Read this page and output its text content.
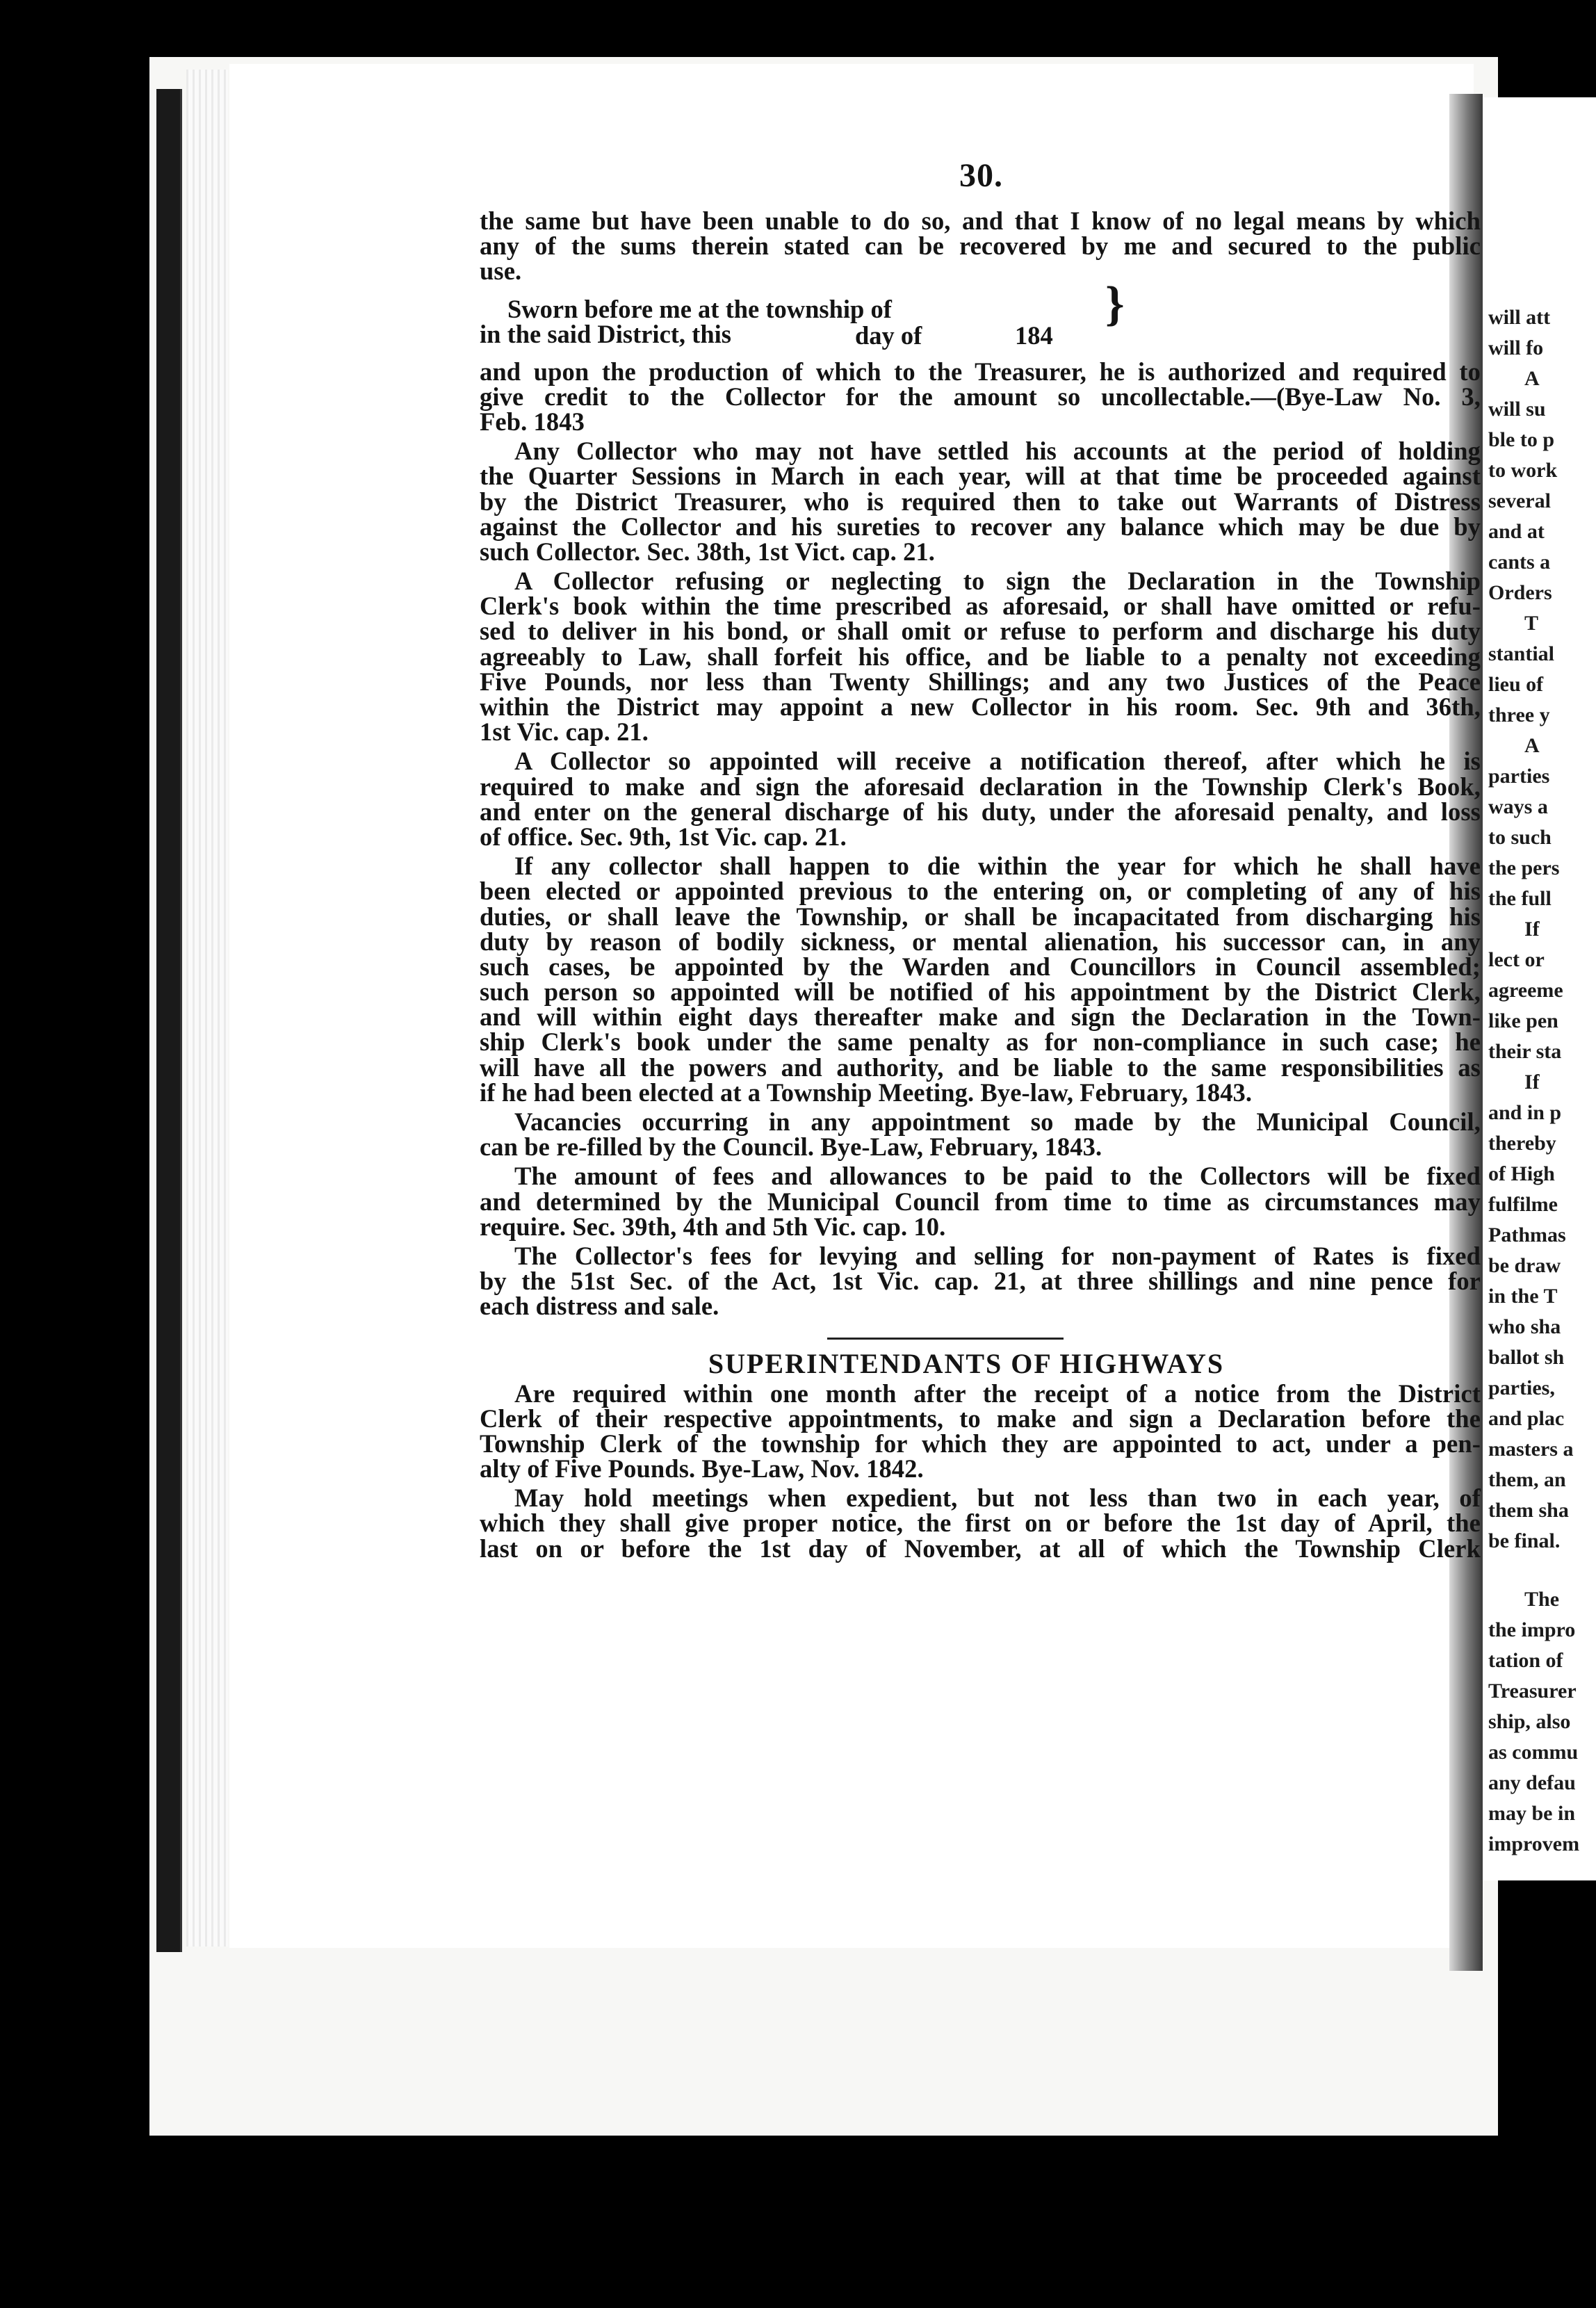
will att
will fo
A
will su
ble to p
to work
several
and at
cants a
Orders
T
stantial
lieu of
three y
A
parties
ways a
to such
the pers
the full
If
lect or
agreeme
like pen
their sta
If
and in p
thereby
of High
fulfilme
Pathmas
be draw
in the T
who sha
ballot sh
parties,
and plac
masters a
them, an
them sha
be final.
The
the impro
tation of
Treasurer
ship, also
as commu
any defau
may be in
improvem
30.
the same but have been unable to do so, and that I know of no legal means by which
any of the sums therein stated can be recovered by me and secured to the public
use.
Sworn before me at the township of
in the said District, this	day of	184
}
and upon the production of which to the Treasurer, he is authorized and required to
give credit to the Collector for the amount so uncollectable.—(Bye-Law No. 3,
Feb. 1843
Any Collector who may not have settled his accounts at the period of holding
the Quarter Sessions in March in each year, will at that time be proceeded against
by the District Treasurer, who is required then to take out Warrants of Distress
against the Collector and his sureties to recover any balance which may be due by
such Collector. Sec. 38th, 1st Vict. cap. 21.
A Collector refusing or neglecting to sign the Declaration in the Township
Clerk's book within the time prescribed as aforesaid, or shall have omitted or refu-
sed to deliver in his bond, or shall omit or refuse to perform and discharge his duty
agreeably to Law, shall forfeit his office, and be liable to a penalty not exceeding
Five Pounds, nor less than Twenty Shillings; and any two Justices of the Peace
within the District may appoint a new Collector in his room. Sec. 9th and 36th,
1st Vic. cap. 21.
A Collector so appointed will receive a notification thereof, after which he is
required to make and sign the aforesaid declaration in the Township Clerk's Book,
and enter on the general discharge of his duty, under the aforesaid penalty, and loss
of office. Sec. 9th, 1st Vic. cap. 21.
If any collector shall happen to die within the year for which he shall have
been elected or appointed previous to the entering on, or completing of any of his
duties, or shall leave the Township, or shall be incapacitated from discharging his
duty by reason of bodily sickness, or mental alienation, his successor can, in any
such cases, be appointed by the Warden and Councillors in Council assembled;
such person so appointed will be notified of his appointment by the District Clerk,
and will within eight days thereafter make and sign the Declaration in the Town-
ship Clerk's book under the same penalty as for non-compliance in such case; he
will have all the powers and authority, and be liable to the same responsibilities as
if he had been elected at a Township Meeting. Bye-law, February, 1843.
Vacancies occurring in any appointment so made by the Municipal Council,
can be re-filled by the Council. Bye-Law, February, 1843.
The amount of fees and allowances to be paid to the Collectors will be fixed
and determined by the Municipal Council from time to time as circumstances may
require. Sec. 39th, 4th and 5th Vic. cap. 10.
The Collector's fees for levying and selling for non-payment of Rates is fixed
by the 51st Sec. of the Act, 1st Vic. cap. 21, at three shillings and nine pence for
each distress and sale.
SUPERINTENDANTS OF HIGHWAYS
Are required within one month after the receipt of a notice from the District
Clerk of their respective appointments, to make and sign a Declaration before the
Township Clerk of the township for which they are appointed to act, under a pen-
alty of Five Pounds. Bye-Law, Nov. 1842.
May hold meetings when expedient, but not less than two in each year, of
which they shall give proper notice, the first on or before the 1st day of April, the
last on or before the 1st day of November, at all of which the Township Clerk
